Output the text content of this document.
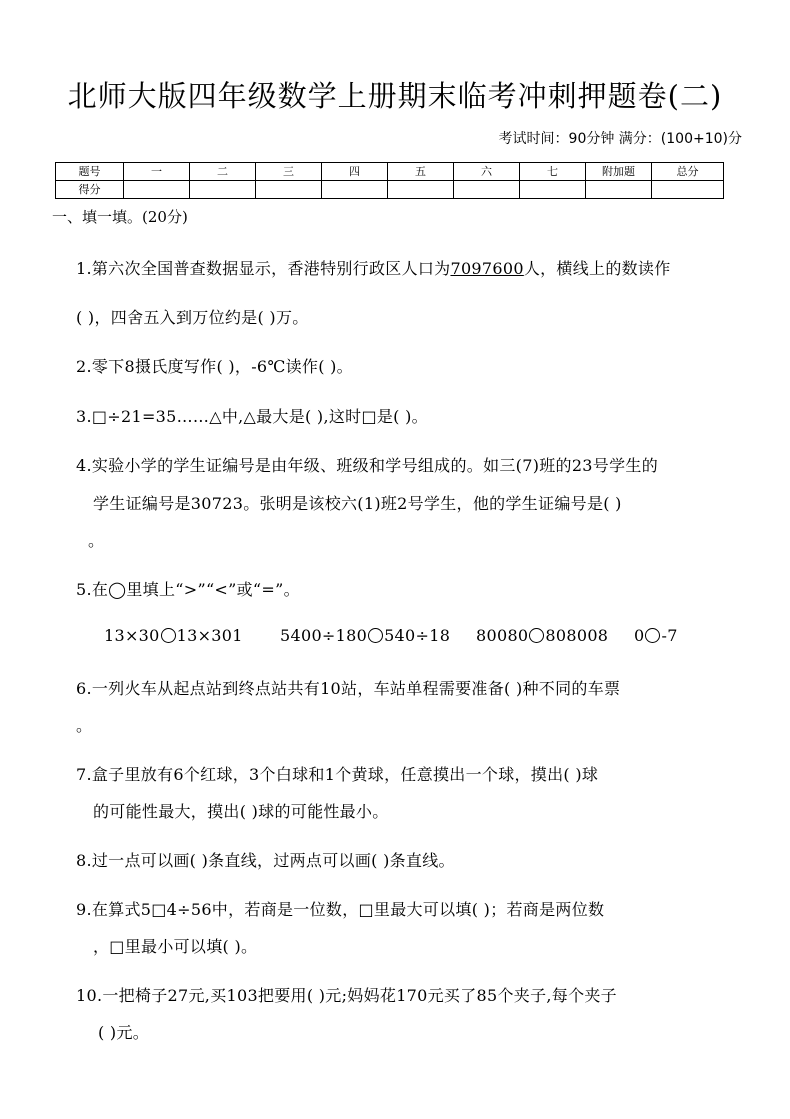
北师大版四年级数学上册期末临考冲刺押题卷(二)
考试时间：90分钟 满分：(100+10)分
题号	一	二	三	四	五	六	七	附加题	总分
得分									
一、填一填。(20分)
1.第六次全国普查数据显示，香港特别行政区人口为7097600人，横线上的数读作
( )，四舍五入到万位约是( )万。
2.零下8摄氏度写作( )，-6℃读作( )。
3.□÷21=35……△中,△最大是( ),这时□是( )。
4.实验小学的学生证编号是由年级、班级和学号组成的。如三(7)班的23号学生的
学生证编号是30723。张明是该校六(1)班2号学生，他的学生证编号是( )
。
5.在◯里填上“>”“<”或“=”。
13×30 13×301 5400÷180 540÷18 80080 808008 0 -7
6.一列火车从起点站到终点站共有10站，车站单程需要准备( )种不同的车票
。
7.盒子里放有6个红球，3个白球和1个黄球，任意摸出一个球，摸出( )球
的可能性最大，摸出( )球的可能性最小。
8.过一点可以画( )条直线，过两点可以画( )条直线。
9.在算式5□4÷56中，若商是一位数，□里最大可以填( )；若商是两位数
，□里最小可以填( )。
10.一把椅子27元,买103把要用( )元;妈妈花170元买了85个夹子,每个夹子
( )元。
